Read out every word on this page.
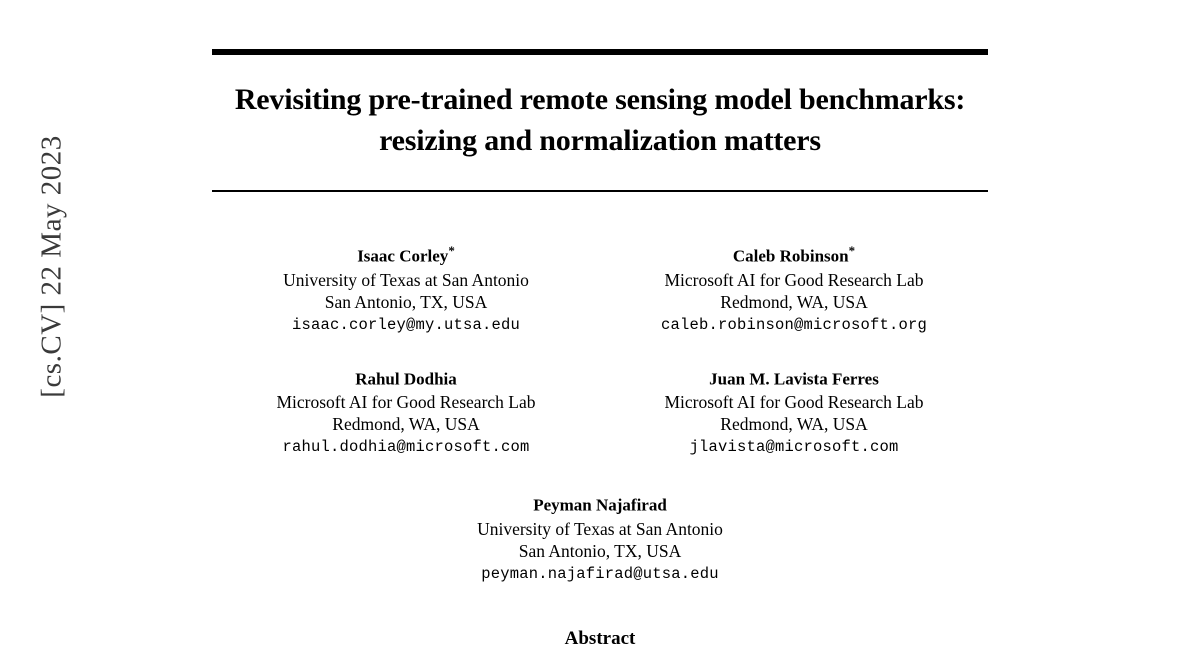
[cs.CV] 22 May 2023
Revisiting pre-trained remote sensing model benchmarks: resizing and normalization matters
Isaac Corley*
University of Texas at San Antonio
San Antonio, TX, USA
isaac.corley@my.utsa.edu
Caleb Robinson*
Microsoft AI for Good Research Lab
Redmond, WA, USA
caleb.robinson@microsoft.org
Rahul Dodhia
Microsoft AI for Good Research Lab
Redmond, WA, USA
rahul.dodhia@microsoft.com
Juan M. Lavista Ferres
Microsoft AI for Good Research Lab
Redmond, WA, USA
jlavista@microsoft.com
Peyman Najafirad
University of Texas at San Antonio
San Antonio, TX, USA
peyman.najafirad@utsa.edu
Abstract
